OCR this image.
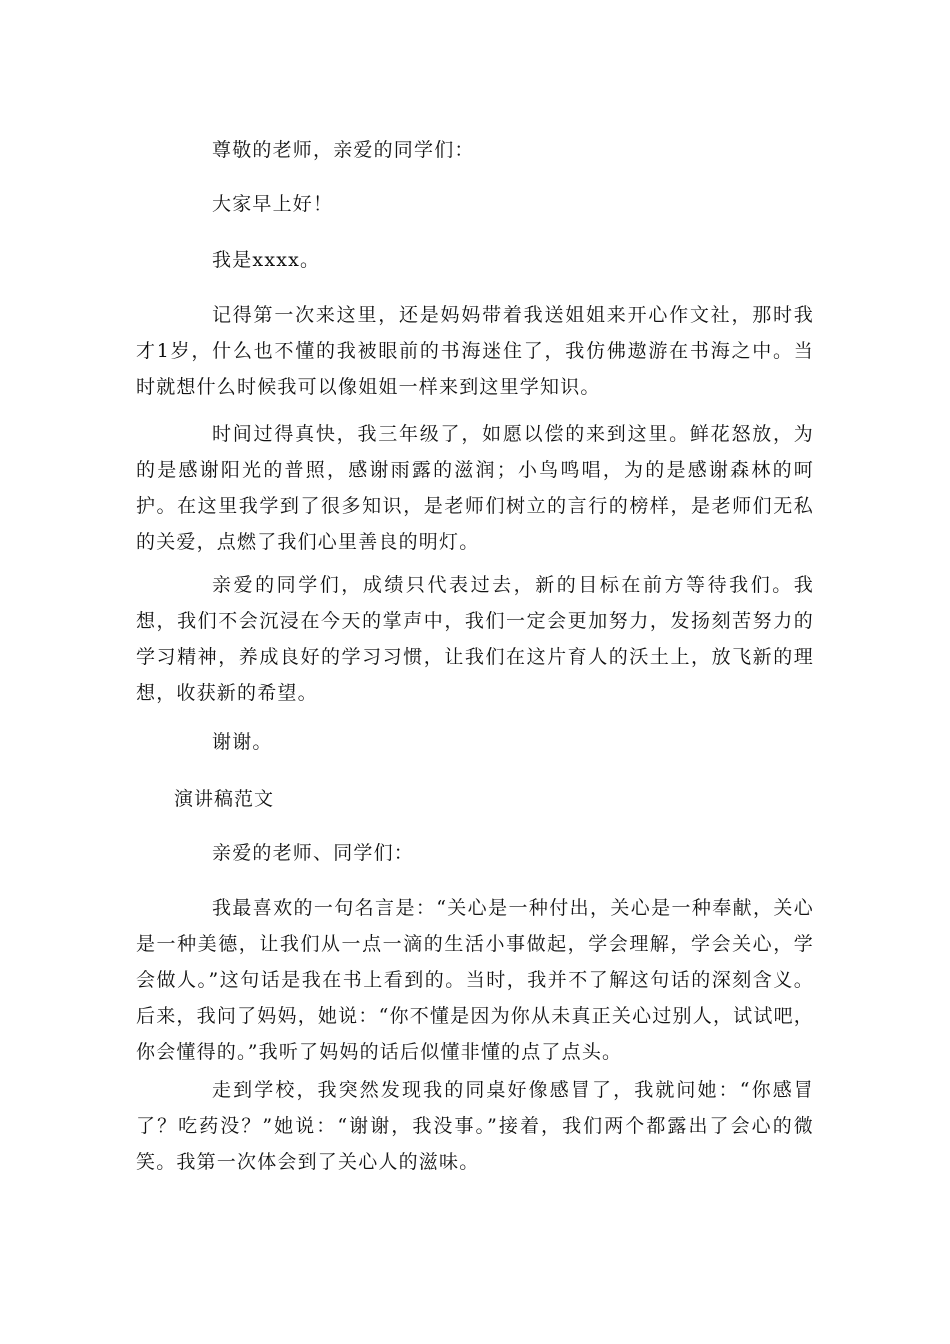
尊敬的老师，亲爱的同学们：

大家早上好！

我是xxxx。

记得第一次来这里，还是妈妈带着我送姐姐来开心作文社，那时我才1岁，什么也不懂的我被眼前的书海迷住了，我仿佛遨游在书海之中。当时就想什么时候我可以像姐姐一样来到这里学知识。

时间过得真快，我三年级了，如愿以偿的来到这里。鲜花怒放，为的是感谢阳光的普照，感谢雨露的滋润；小鸟鸣唱，为的是感谢森林的呵护。在这里我学到了很多知识，是老师们树立的言行的榜样，是老师们无私的关爱，点燃了我们心里善良的明灯。

亲爱的同学们，成绩只代表过去，新的目标在前方等待我们。我想，我们不会沉浸在今天的掌声中，我们一定会更加努力，发扬刻苦努力的学习精神，养成良好的学习习惯，让我们在这片育人的沃土上，放飞新的理想，收获新的希望。

谢谢。

演讲稿范文

亲爱的老师、同学们：

我最喜欢的一句名言是：“关心是一种付出，关心是一种奉献，关心是一种美德，让我们从一点一滴的生活小事做起，学会理解，学会关心，学会做人。”这句话是我在书上看到的。当时，我并不了解这句话的深刻含义。后来，我问了妈妈，她说：“你不懂是因为你从未真正关心过别人，试试吧，你会懂得的。”我听了妈妈的话后似懂非懂的点了点头。

走到学校，我突然发现我的同桌好像感冒了，我就问她：“你感冒了？吃药没？”她说：“谢谢，我没事。”接着，我们两个都露出了会心的微笑。我第一次体会到了关心人的滋味。
